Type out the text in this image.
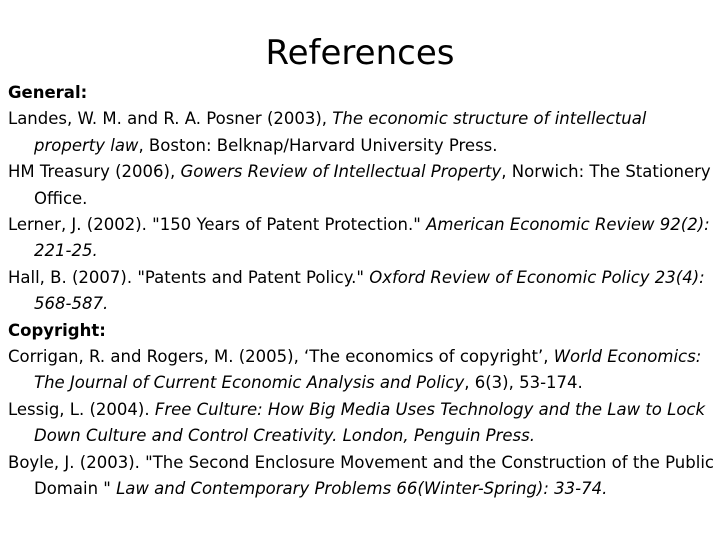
References
General:
Landes, W. M. and R. A. Posner (2003), The economic structure of intellectual property law, Boston: Belknap/Harvard University Press.
HM Treasury (2006), Gowers Review of Intellectual Property, Norwich: The Stationery Office.
Lerner, J. (2002). "150 Years of Patent Protection." American Economic Review 92(2): 221-25.
Hall, B. (2007). "Patents and Patent Policy." Oxford Review of Economic Policy 23(4): 568-587.
Copyright:
Corrigan, R. and Rogers, M. (2005), ‘The economics of copyright’, World Economics: The Journal of Current Economic Analysis and Policy, 6(3), 53-174.
Lessig, L. (2004). Free Culture: How Big Media Uses Technology and the Law to Lock Down Culture and Control Creativity. London, Penguin Press.
Boyle, J. (2003). "The Second Enclosure Movement and the Construction of the Public Domain " Law and Contemporary Problems 66(Winter-Spring): 33-74.
